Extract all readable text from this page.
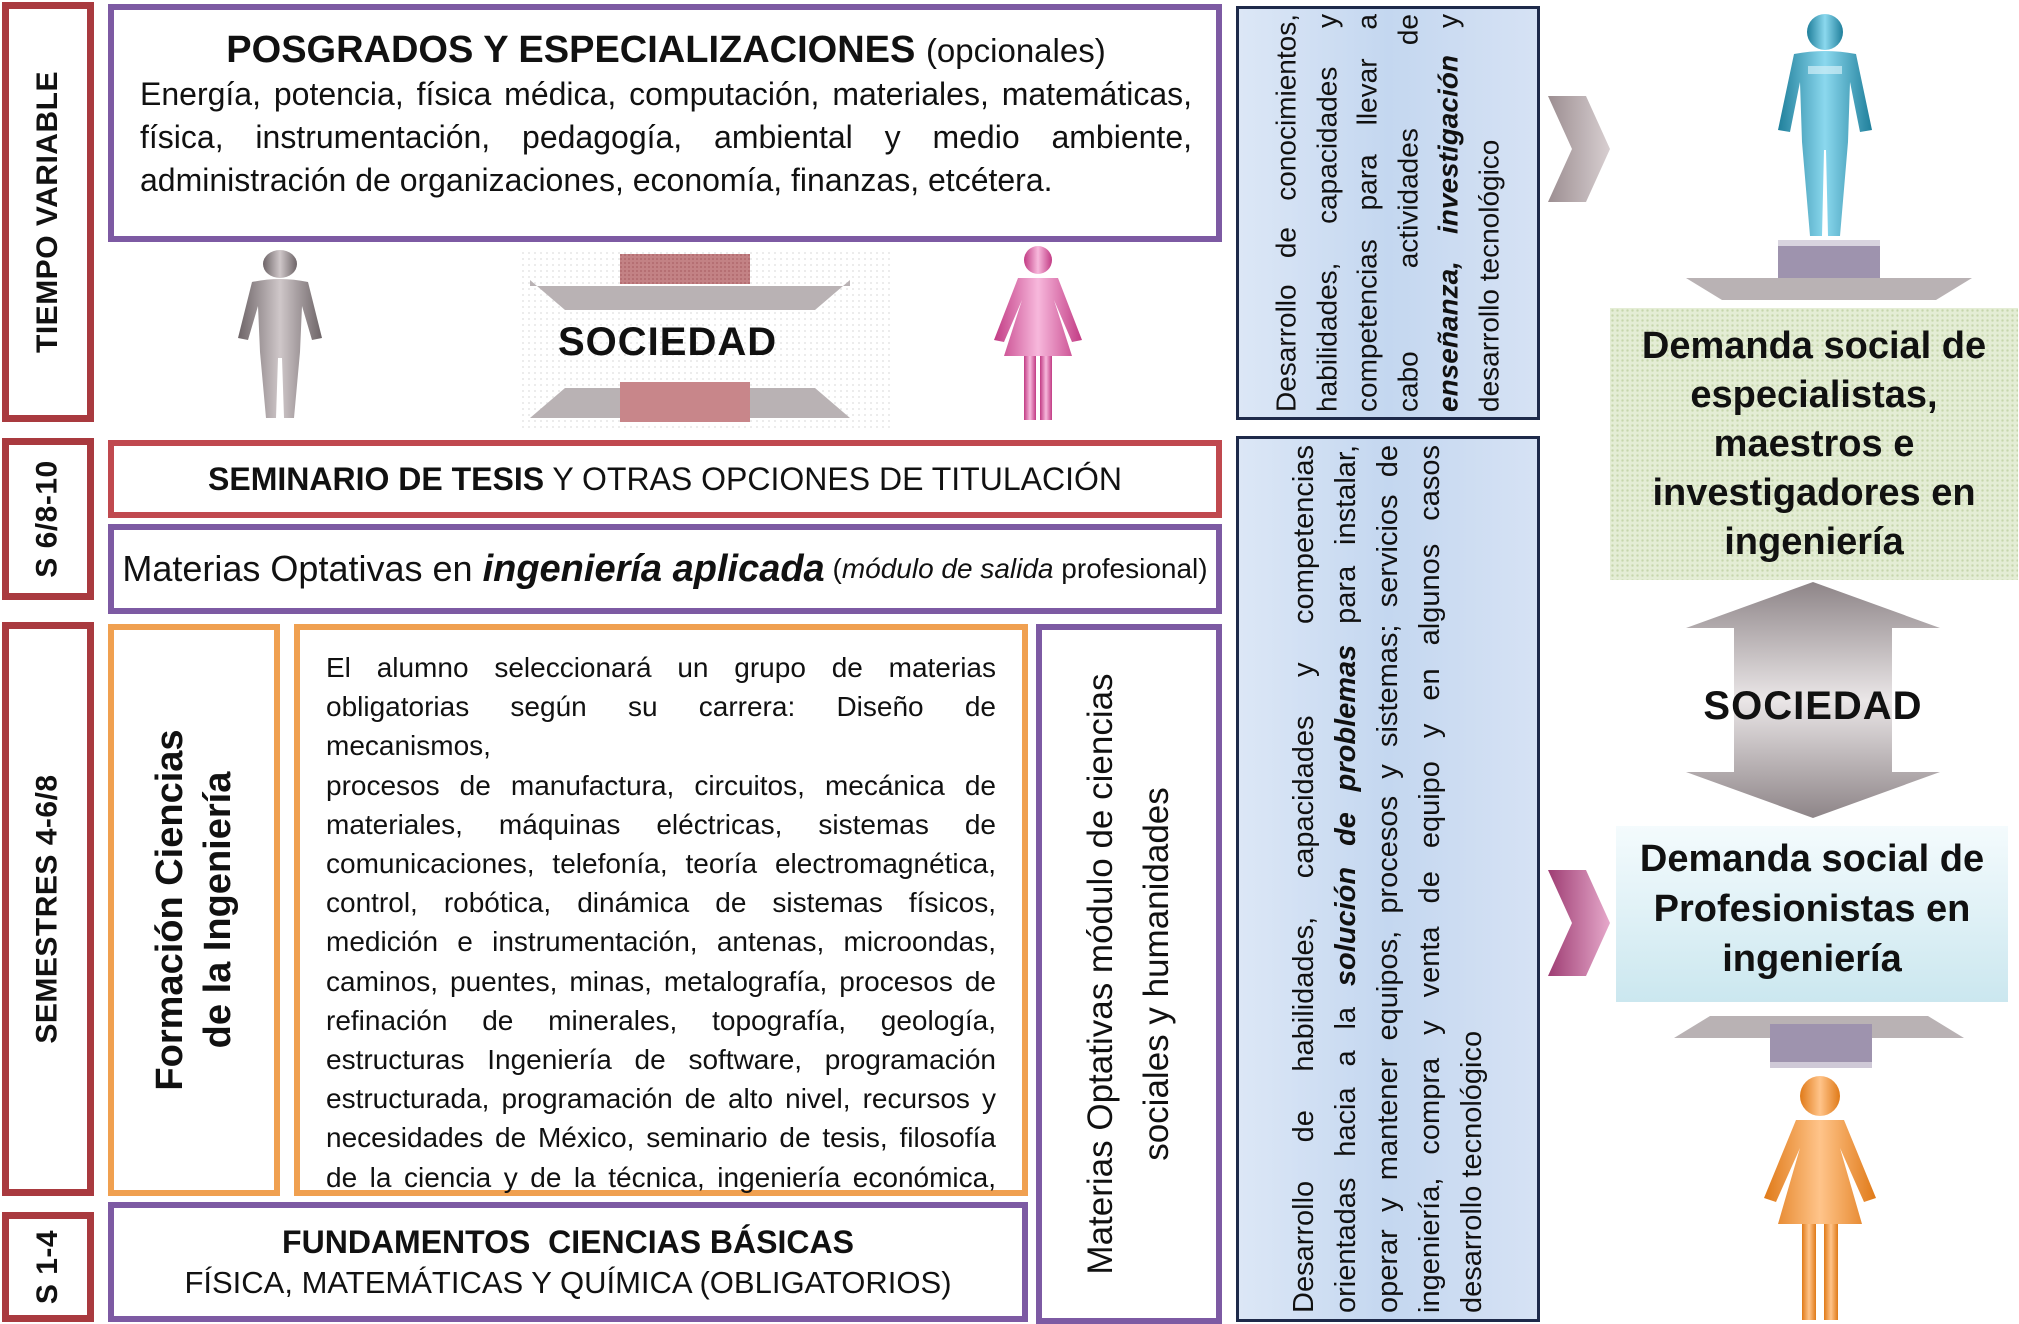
TIEMPO VARIABLE
S 6/8-10
SEMESTRES 4-6/8
S 1-4
POSGRADOS Y ESPECIALIZACIONES (opcionales)
Energía, potencia, física médica, computación, materiales, matemáticas,
física, instrumentación, pedagogía, ambiental y medio ambiente,
administración de organizaciones, economía, finanzas, etcétera.
SOCIEDAD
SEMINARIO DE TESIS Y OTRAS OPCIONES DE TITULACIÓN
Materias Optativas en ingeniería aplicada ( módulo de salida profesional)
Formación Ciencias de la Ingeniería
El alumno seleccionará un grupo de materias
obligatorias según su carrera: Diseño de mecanismos,
procesos de manufactura, circuitos, mecánica de
materiales, máquinas eléctricas, sistemas de
comunicaciones, telefonía, teoría electromagnética,
control, robótica, dinámica de sistemas físicos,
medición e instrumentación, antenas, microondas,
caminos, puentes, minas, metalografía, procesos de
refinación de minerales, topografía, geología,
estructuras Ingeniería de software, programación
estructurada, programación de alto nivel, recursos y
necesidades de México, seminario de tesis, filosofía
de la ciencia y de la técnica, ingeniería económica, Materias Optativas módulo de ciencias sociales y humanidades
FUNDAMENTOS  CIENCIAS BÁSICAS
FÍSICA, MATEMÁTICAS Y QUÍMICA (OBLIGATORIOS)
Desarrollo de conocimientos, habilidades, capacidades y competencias para llevar a cabo actividades de enseñanza, investigación y
desarrollo tecnológico
Desarrollo de habilidades, capacidades y competencias orientadas hacia a la solución de problemas para instalar, operar y mantener equipos, procesos y sistemas; servicios de ingeniería, compra y venta de equipo y en algunos casos desarrollo tecnológico
Demanda social de
especialistas,
maestros e
investigadores en
ingeniería
SOCIEDAD
Demanda social de
Profesionistas en
ingeniería
